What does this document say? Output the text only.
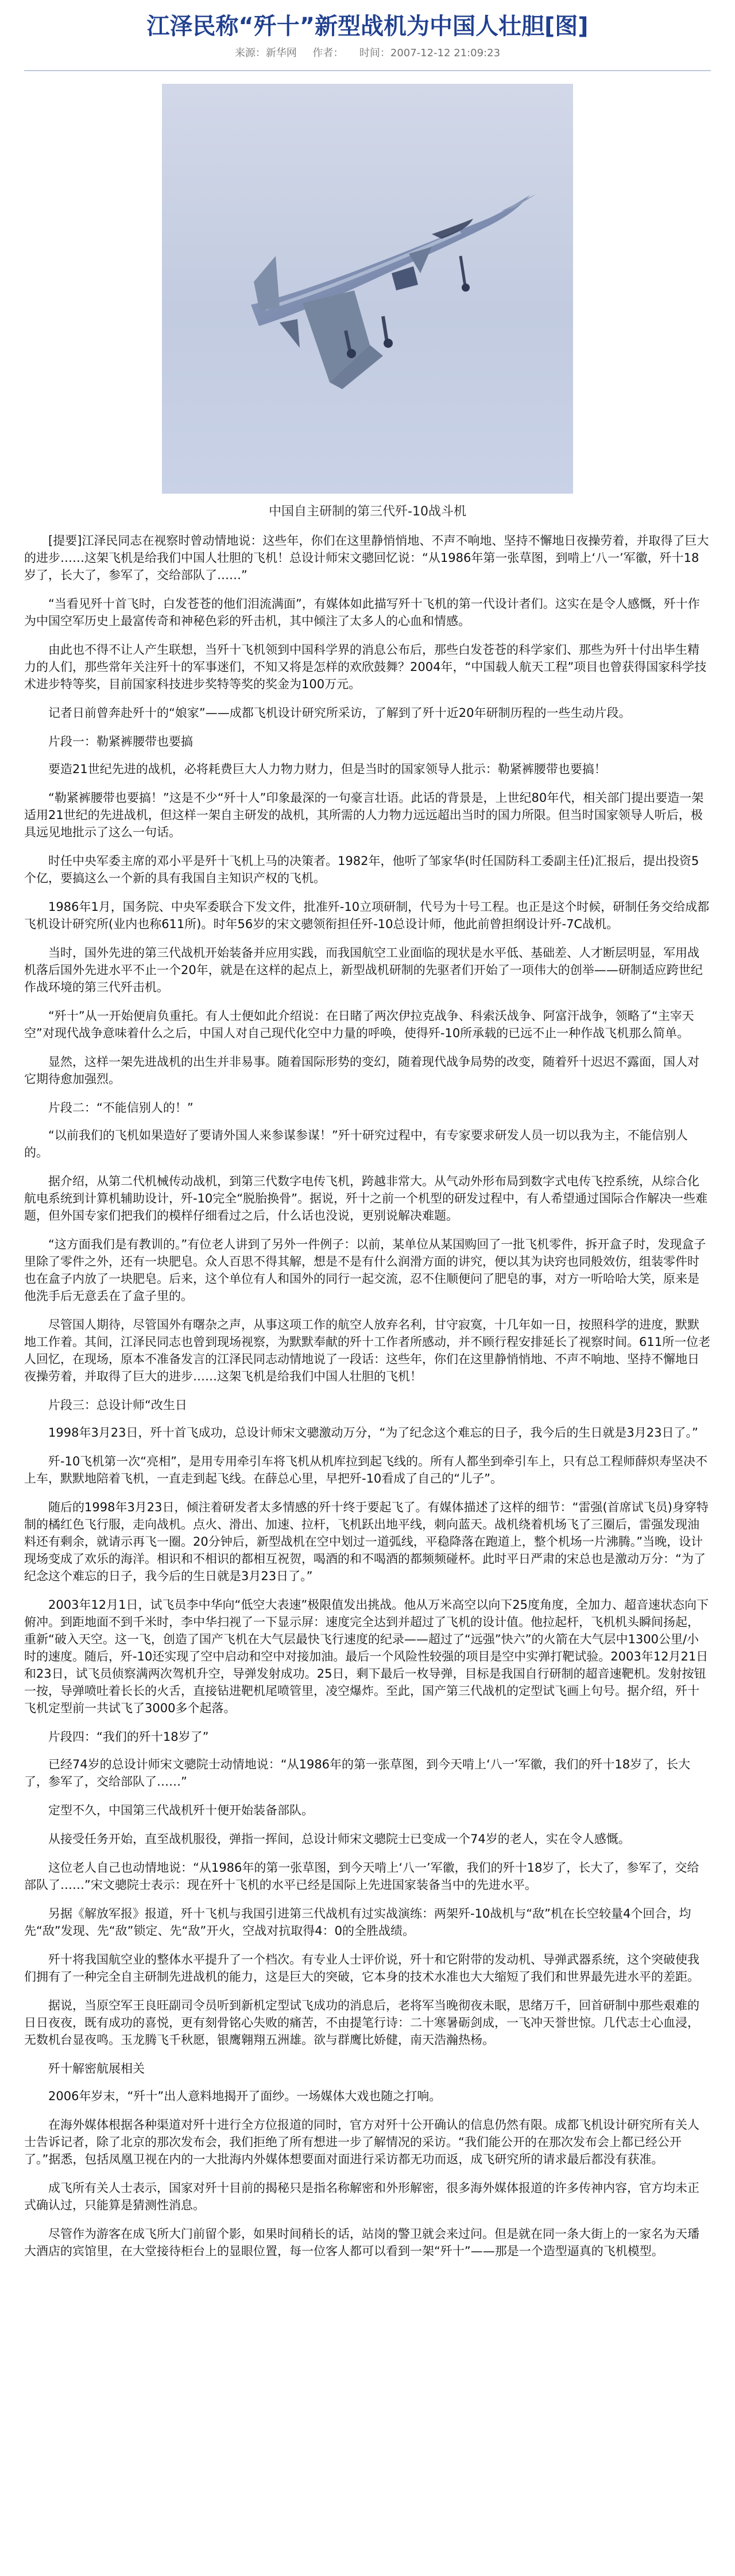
江泽民称“歼十”新型战机为中国人壮胆[图]
来源：新华网 作者： 时间：2007-12-12 21:09:23
中国自主研制的第三代歼-10战斗机

[提要]江泽民同志在视察时曾动情地说：这些年，你们在这里静悄悄地、不声不响地、坚持不懈地日夜操劳着，并取得了巨大的进步……这架飞机是给我们中国人壮胆的飞机！总设计师宋文骢回忆说：“从1986年第一张草图，到啃上‘八一’军徽，歼十18岁了，长大了，参军了，交给部队了……”

“当看见歼十首飞时，白发苍苍的他们泪流满面”，有媒体如此描写歼十飞机的第一代设计者们。这实在是令人感慨，歼十作为中国空军历史上最富传奇和神秘色彩的歼击机，其中倾注了太多人的心血和情感。

由此也不得不让人产生联想，当歼十飞机领到中国科学界的消息公布后，那些白发苍苍的科学家们、那些为歼十付出毕生精力的人们，那些常年关注歼十的军事迷们，不知又将是怎样的欢欣鼓舞？2004年，“中国载人航天工程”项目也曾获得国家科学技术进步特等奖，目前国家科技进步奖特等奖的奖金为100万元。

记者日前曾奔赴歼十的“娘家”——成都飞机设计研究所采访，了解到了歼十近20年研制历程的一些生动片段。

片段一：勒紧裤腰带也要搞

要造21世纪先进的战机，必将耗费巨大人力物力财力，但是当时的国家领导人批示：勒紧裤腰带也要搞！

“勒紧裤腰带也要搞！”这是不少“歼十人”印象最深的一句豪言壮语。此话的背景是，上世纪80年代，相关部门提出要造一架适用21世纪的先进战机，但这样一架自主研发的战机，其所需的人力物力远远超出当时的国力所限。但当时国家领导人听后，极具远见地批示了这么一句话。

时任中央军委主席的邓小平是歼十飞机上马的决策者。1982年，他听了邹家华(时任国防科工委副主任)汇报后，提出投资5个亿，要搞这么一个新的具有我国自主知识产权的飞机。

1986年1月，国务院、中央军委联合下发文件，批准歼-10立项研制，代号为十号工程。也正是这个时候，研制任务交给成都飞机设计研究所(业内也称611所)。时年56岁的宋文骢领衔担任歼-10总设计师，他此前曾担纲设计歼-7C战机。

当时，国外先进的第三代战机开始装备并应用实践，而我国航空工业面临的现状是水平低、基础差、人才断层明显，军用战机落后国外先进水平不止一个20年，就是在这样的起点上，新型战机研制的先驱者们开始了一项伟大的创举——研制适应跨世纪作战环境的第三代歼击机。

“歼十”从一开始便肩负重托。有人士便如此介绍说：在日睹了两次伊拉克战争、科索沃战争、阿富汗战争，领略了“主宰天空”对现代战争意味着什么之后，中国人对自己现代化空中力量的呼唤，使得歼-10所承载的已远不止一种作战飞机那么简单。

显然，这样一架先进战机的出生并非易事。随着国际形势的变幻，随着现代战争局势的改变，随着歼十迟迟不露面，国人对它期待愈加强烈。

片段二：“不能信别人的！”

“以前我们的飞机如果造好了要请外国人来参谋参谋！”歼十研究过程中，有专家要求研发人员一切以我为主，不能信别人的。

据介绍，从第二代机械传动战机，到第三代数字电传飞机，跨越非常大。从气动外形布局到数字式电传飞控系统，从综合化航电系统到计算机辅助设计，歼-10完全“脱胎换骨”。据说，歼十之前一个机型的研发过程中，有人希望通过国际合作解决一些难题，但外国专家们把我们的模样仔细看过之后，什么话也没说，更别说解决难题。

“这方面我们是有教训的。”有位老人讲到了另外一件例子：以前，某单位从某国购回了一批飞机零件，拆开盒子时，发现盒子里除了零件之外，还有一块肥皂。众人百思不得其解，想是不是有什么润滑方面的讲究，便以其为诀窍也同般效仿，组装零件时也在盒子内放了一块肥皂。后来，这个单位有人和国外的同行一起交流，忍不住顺便问了肥皂的事，对方一听哈哈大笑，原来是他洗手后无意丢在了盒子里的。

尽管国人期待，尽管国外有曙杂之声，从事这项工作的航空人放弃名利，甘守寂寞，十几年如一日，按照科学的进度，默默地工作着。其间，江泽民同志也曾到现场视察，为默默奉献的歼十工作者所感动，并不顾行程安排延长了视察时间。611所一位老人回忆，在现场，原本不准备发言的江泽民同志动情地说了一段话：这些年，你们在这里静悄悄地、不声不响地、坚持不懈地日夜操劳着，并取得了巨大的进步……这架飞机是给我们中国人壮胆的飞机！

片段三：总设计师“改生日

1998年3月23日，歼十首飞成功，总设计师宋文骢激动万分，“为了纪念这个难忘的日子，我今后的生日就是3月23日了。”

歼-10飞机第一次“亮相”，是用专用牵引车将飞机从机库拉到起飞线的。所有人都坐到牵引车上，只有总工程师薛炽寿坚决不上车，默默地陪着飞机，一直走到起飞线。在薛总心里，早把歼-10看成了自己的“儿子”。

随后的1998年3月23日，倾注着研发者太多情感的歼十终于要起飞了。有媒体描述了这样的细节：“雷强(首席试飞员)身穿特制的橘红色飞行服，走向战机。点火、滑出、加速、拉杆，飞机跃出地平线，刺向蓝天。战机绕着机场飞了三圈后，雷强发现油料还有剩余，就请示再飞一圈。20分钟后，新型战机在空中划过一道弧线，平稳降落在跑道上，整个机场一片沸腾。”当晚，设计现场变成了欢乐的海洋。相识和不相识的都相互祝贺，喝酒的和不喝酒的都频频碰杯。此时平日严肃的宋总也是激动万分：“为了纪念这个难忘的日子，我今后的生日就是3月23日了。”

2003年12月1日，试飞员李中华向“低空大表速”极限值发出挑战。他从万米高空以向下25度角度，全加力、超音速状态向下俯冲。到距地面不到千米时，李中华扫视了一下显示屏：速度完全达到并超过了飞机的设计值。他拉起杆，飞机机头瞬间扬起，重新“破入天空。这一飞，创造了国产飞机在大气层最快飞行速度的纪录——超过了“远强”快六”的火箭在大气层中1300公里/小时的速度。随后，歼-10还实现了空中启动和空中对接加油。最后一个风险性较强的项目是空中实弹打靶试验。2003年12月21日和23日，试飞员侦察满两次驾机升空，导弹发射成功。25日，剩下最后一枚导弹，目标是我国自行研制的超音速靶机。发射按钮一按，导弹喷吐着长长的火舌，直接钻进靶机尾喷管里，凌空爆炸。至此，国产第三代战机的定型试飞画上句号。据介绍，歼十飞机定型前一共试飞了3000多个起落。

片段四：“我们的歼十18岁了”

已经74岁的总设计师宋文骢院士动情地说：“从1986年的第一张草图，到今天啃上‘八一’军徽，我们的歼十18岁了，长大了，参军了，交给部队了……”

定型不久，中国第三代战机歼十便开始装备部队。

从接受任务开始，直至战机服役，弹指一挥间，总设计师宋文骢院士已变成一个74岁的老人，实在令人感慨。

这位老人自己也动情地说：“从1986年的第一张草图，到今天啃上‘八一’军徽，我们的歼十18岁了，长大了，参军了，交给部队了……”宋文骢院士表示：现在歼十飞机的水平已经是国际上先进国家装备当中的先进水平。

另据《解放军报》报道，歼十飞机与我国引进第三代战机有过实战演练：两架歼-10战机与“敌”机在长空较量4个回合，均先“敌”发现、先“敌”锁定、先“敌”开火，空战对抗取得4：0的全胜战绩。

歼十将我国航空业的整体水平提升了一个档次。有专业人士评价说，歼十和它附带的发动机、导弹武器系统，这个突破使我们拥有了一种完全自主研制先进战机的能力，这是巨大的突破，它本身的技术水准也大大缩短了我们和世界最先进水平的差距。

据说，当原空军王良旺副司令员听到新机定型试飞成功的消息后，老将军当晚彻夜未眠，思绪万千，回首研制中那些艰难的日日夜夜，既有成功的喜悦，更有刻骨铭心失败的痛苦，不由提笔行诗：二十寒暑砺剑成，一飞冲天誉世惊。几代志士心血浸，无数机台显夜鸣。玉龙腾飞千秋愿，银鹰翱翔五洲雄。欲与群鹰比娇健，南天浩瀚热杨。

歼十解密航展相关

2006年岁末，“歼十”出人意料地揭开了面纱。一场媒体大戏也随之打响。

在海外媒体根据各种渠道对歼十进行全方位报道的同时，官方对歼十公开确认的信息仍然有限。成都飞机设计研究所有关人士告诉记者，除了北京的那次发布会，我们拒绝了所有想进一步了解情况的采访。“我们能公开的在那次发布会上都已经公开了。”据悉，包括凤凰卫视在内的一大批海内外媒体想要面对面进行采访都无功而返，成飞研究所的请求最后都没有获准。

成飞所有关人士表示，国家对歼十目前的揭秘只是指名称解密和外形解密，很多海外媒体报道的许多传神内容，官方均未正式确认过，只能算是猜测性消息。

尽管作为游客在成飞所大门前留个影，如果时间稍长的话，站岗的警卫就会来过问。但是就在同一条大街上的一家名为天璠大酒店的宾馆里，在大堂接待柜台上的显眼位置，每一位客人都可以看到一架“歼十”——那是一个造型逼真的飞机模型。
